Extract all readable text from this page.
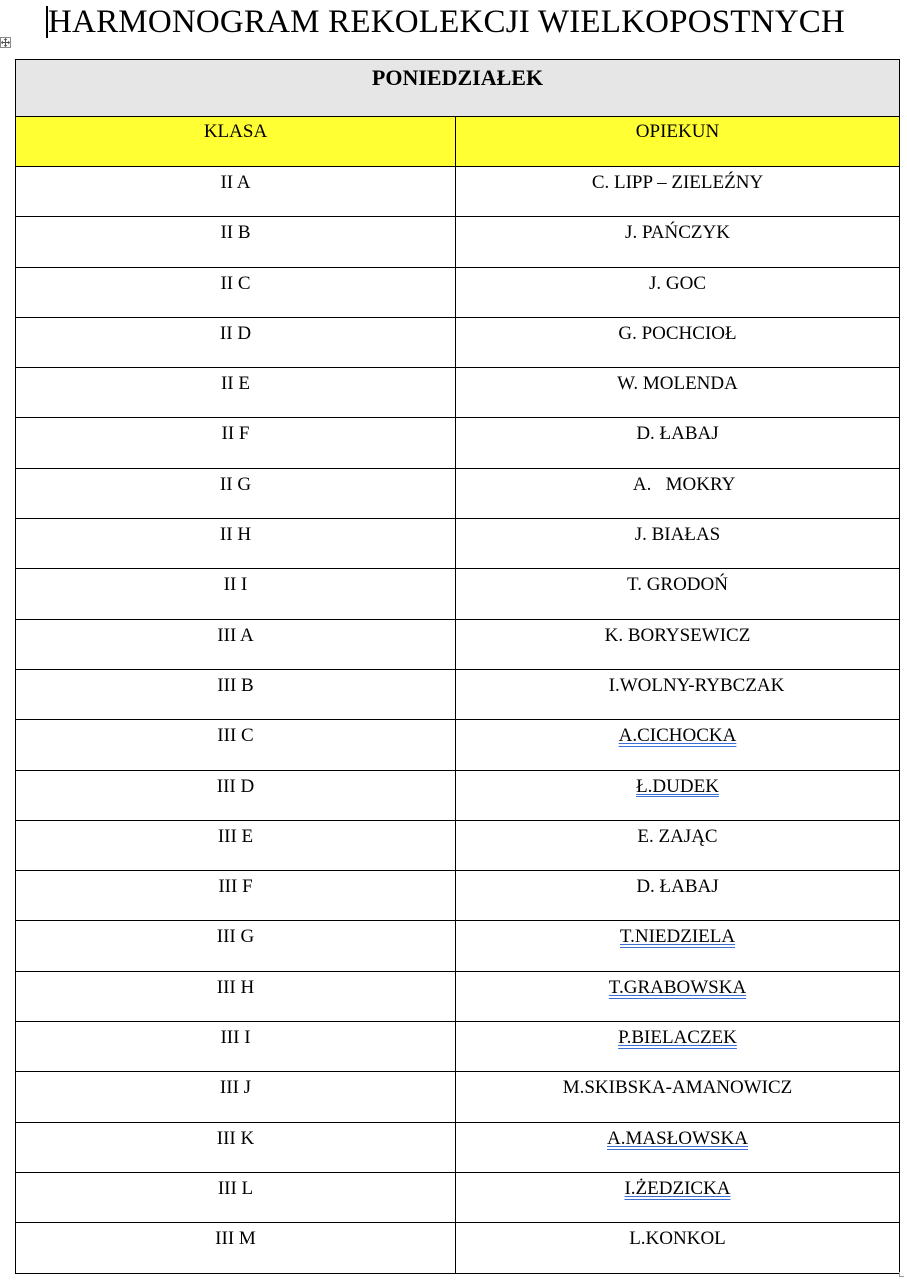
HARMONOGRAM REKOLEKCJI WIELKOPOSTNYCH
PONIEDZIAŁEK	
KLASA	OPIEKUN
II A	C. LIPP – ZIELEŹNY
II B	J. PAŃCZYK
II C	J. GOC
II D	G. POCHCIOŁ
II E	W. MOLENDA
II F	D. ŁABAJ
II G	A.   MOKRY
II H	J. BIAŁAS
II I	T. GRODOŃ
III A	K. BORYSEWICZ
III B	I.WOLNY-RYBCZAK
III C	A.CICHOCKA
III D	Ł.DUDEK
III E	E. ZAJĄC
III F	D. ŁABAJ
III G	T.NIEDZIELA
III H	T.GRABOWSKA
III I	P.BIELACZEK
III J	M.SKIBSKA-AMANOWICZ
III K	A.MASŁOWSKA
III L	I.ŻEDZICKA
III M	L.KONKOL
